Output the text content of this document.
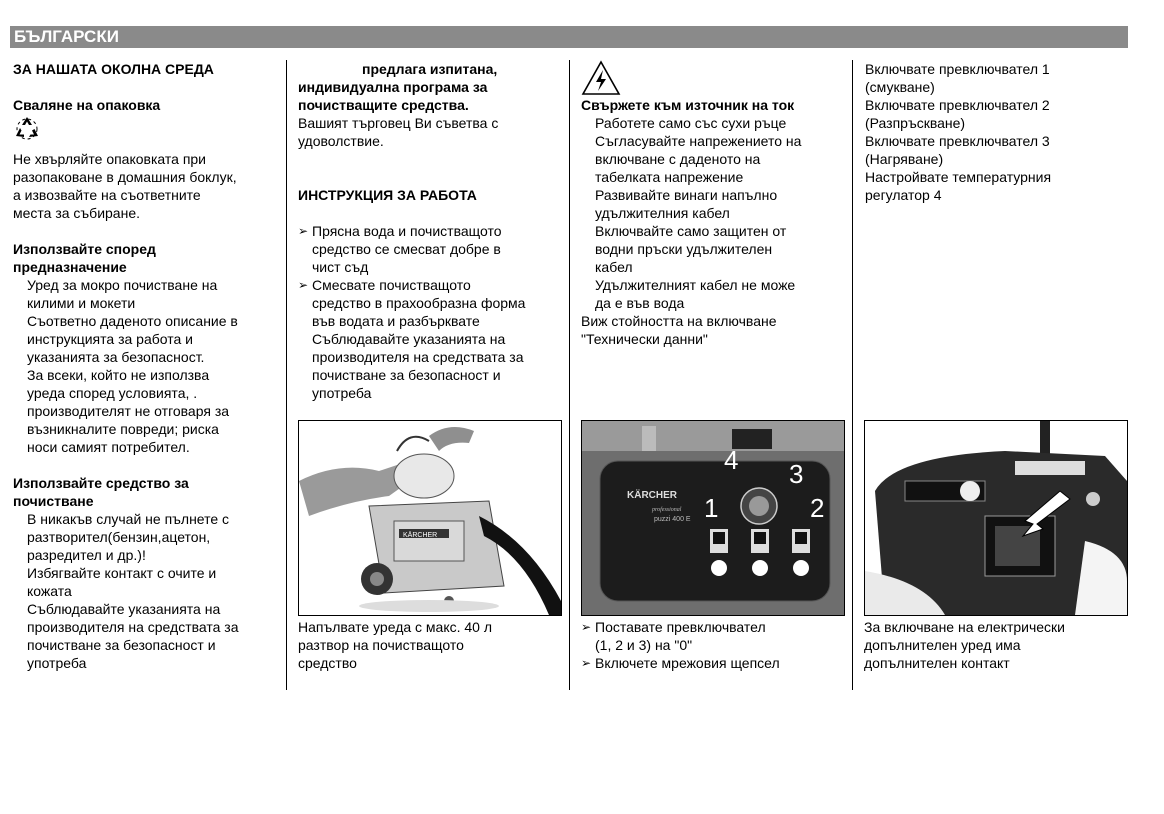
БЪЛГАРСКИ
ЗА НАШАТА ОКОЛНА СРЕДА
Сваляне на опаковка
Не хвърляйте опаковката при
разопаковане в домашния боклук,
а извозвайте на съответните
места за събиране.
Използвайте според
предназначение
Уред за мокро почистване на
килими и мокети
Съответно даденото описание в
инструкцията за работа и
указанията за безопасност.
За всеки, който не използва
уреда според условията, .
производителят не отговаря за
възникналите повреди; риска
носи самият потребител.
Използвайте средство за
почистване
В никакъв случай не пълнете с
разтворител(бензин,ацетон,
разредител и др.)!
Избягвайте контакт с очите и
кожата
Съблюдавайте указанията на
производителя на средствата за
почистване за безопасност и
употреба
предлага изпитана,
индивидуална програма за
почистващите средства.
Вашият търговец Ви съветва с
удоволствие.
ИНСТРУКЦИЯ ЗА РАБОТА
➢ Прясна вода и почистващото
средство се смесват добре в
чист съд
➢ Смесвате почистващото
средство в прахообразна форма
във водата и разбърквате
Съблюдавайте указанията на
производителя на средствата за
почистване за безопасност и
употреба
Свържете към източник на ток
Работете само със сухи ръце
Съгласувайте напрежението на
включване с даденото на
табелката напрежение
Развивайте винаги напълно
удължителния кабел
Включвайте само защитен от
водни пръски удължителен
кабел
Удължителният кабел не може
да е във вода
Виж стойността на включване
"Технически данни"
Включвате превключвател 1
(смукване)
Включвате превключвател 2
(Разпръскване)
Включвате превключвател 3
(Нагряване)
Настройвате температурния
регулатор 4
KÄRCHER
KÄRCHER
professional
puzzi 400 E 1	2
3
4
Напълвате уреда с макс. 40 л
разтвор на почистващото
средство
➢ Поставате превключвател
(1, 2 и 3) на "0"
➢ Включете мрежовия щепсел
За включване на електрически
допълнителен уред има
допълнителен контакт
